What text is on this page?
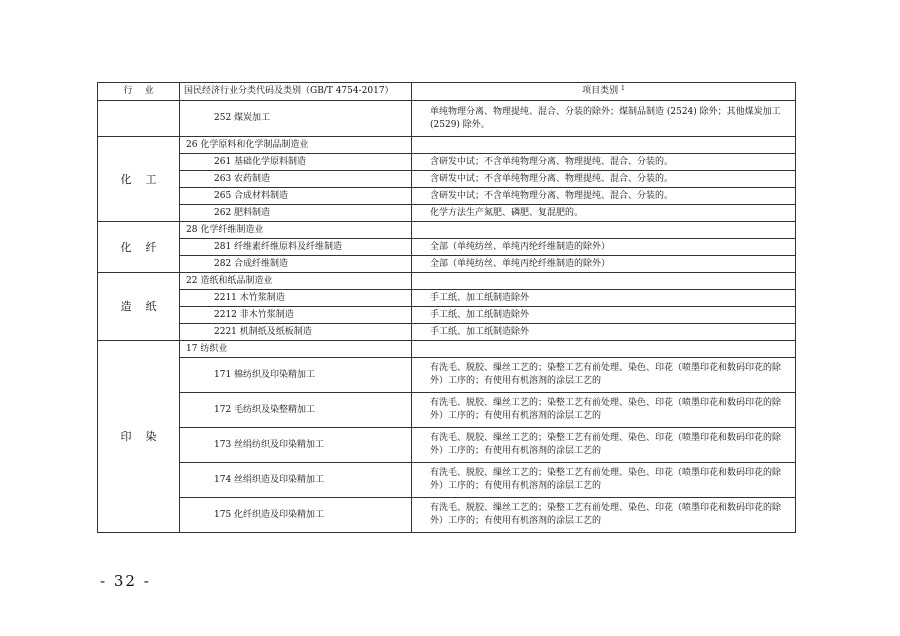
行业	国民经济行业分类代码及类别（GB/T 4754-2017）	项目类别 $^1$
	252 煤炭加工	单纯物理分离、物理提纯、混合、分装的除外；煤制品制造 (2524) 除外；其他煤炭加工 (2529) 除外。
化工	26 化学原料和化学制品制造业	
	261 基础化学原料制造	含研发中试；不含单纯物理分离、物理提纯、混合、分装的。
	263 农药制造	含研发中试；不含单纯物理分离、物理提纯、混合、分装的。
	265 合成材料制造	含研发中试；不含单纯物理分离、物理提纯、混合、分装的。
	262 肥料制造	化学方法生产氮肥、磷肥、复混肥的。
化纤	28 化学纤维制造业	
	281 纤维素纤维原料及纤维制造	全部（单纯纺丝、单纯丙纶纤维制造的除外）
	282 合成纤维制造	全部（单纯纺丝、单纯丙纶纤维制造的除外）
造纸	22 造纸和纸品制造业	
	2211 木竹浆制造	手工纸、加工纸制造除外
	2212 非木竹浆制造	手工纸、加工纸制造除外
	2221 机制纸及纸板制造	手工纸、加工纸制造除外
印染	17 纺织业	
	171 棉纺织及印染精加工	有洗毛、脱胶、缫丝工艺的；染整工艺有前处理、染色、印花（喷墨印花和数码印花的除外）工序的；有使用有机溶剂的涂层工艺的
	172 毛纺织及染整精加工	有洗毛、脱胶、缫丝工艺的；染整工艺有前处理、染色、印花（喷墨印花和数码印花的除外）工序的；有使用有机溶剂的涂层工艺的
	173 丝绢纺织及印染精加工	有洗毛、脱胶、缫丝工艺的；染整工艺有前处理、染色、印花（喷墨印花和数码印花的除外）工序的；有使用有机溶剂的涂层工艺的
	174 丝绢织造及印染精加工	有洗毛、脱胶、缫丝工艺的；染整工艺有前处理、染色、印花（喷墨印花和数码印花的除外）工序的；有使用有机溶剂的涂层工艺的
	175 化纤织造及印染精加工	有洗毛、脱胶、缫丝工艺的；染整工艺有前处理、染色、印花（喷墨印花和数码印花的除外）工序的；有使用有机溶剂的涂层工艺的
- 32 -
